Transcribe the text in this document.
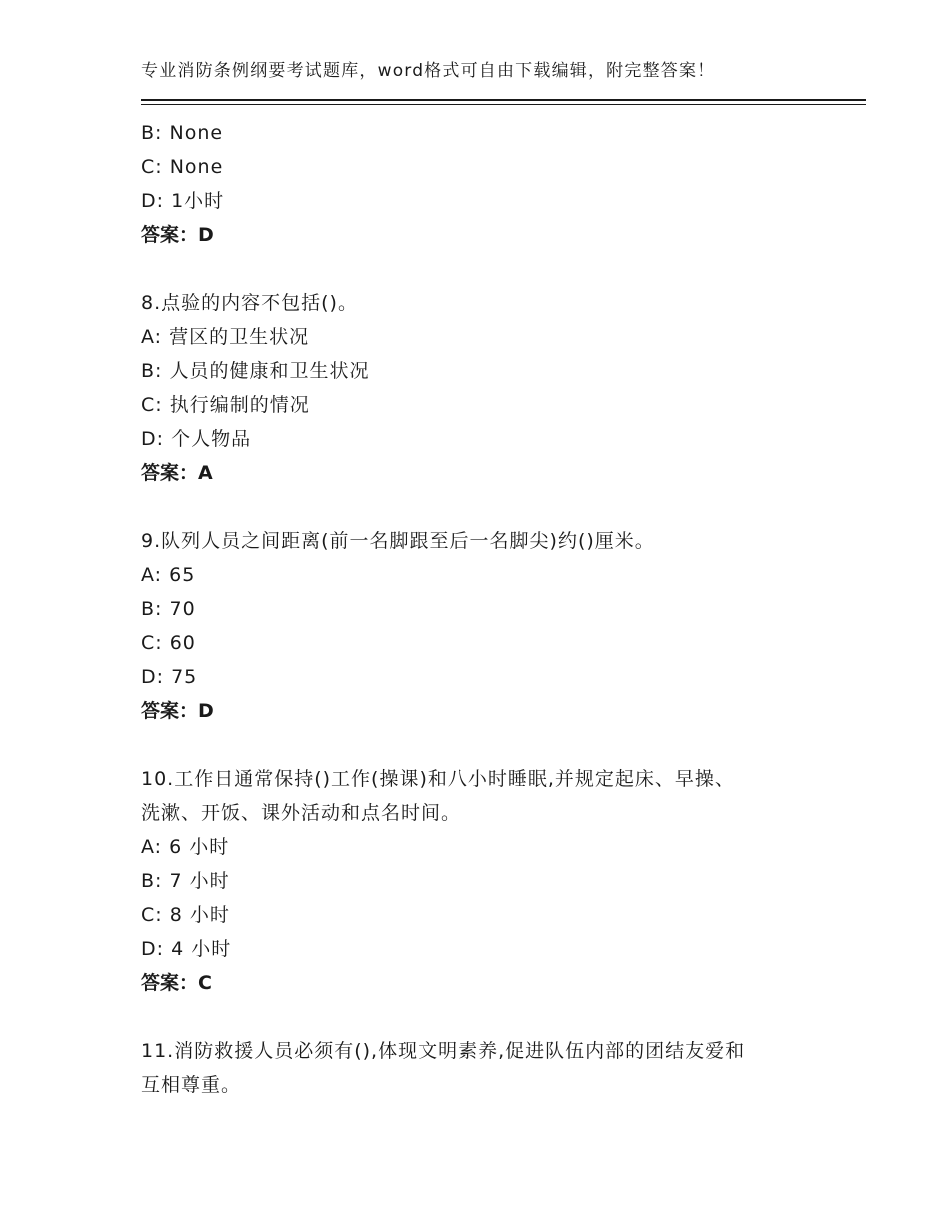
专业消防条例纲要考试题库，word格式可自由下载编辑，附完整答案！
B: None
C: None
D: 1小时
答案：D
8.点验的内容不包括()。
A: 营区的卫生状况
B: 人员的健康和卫生状况
C: 执行编制的情况
D: 个人物品
答案：A
9.队列人员之间距离(前一名脚跟至后一名脚尖)约()厘米。
A: 65
B: 70
C: 60
D: 75
答案：D
10.工作日通常保持()工作(操课)和八小时睡眠,并规定起床、早操、
洗漱、开饭、课外活动和点名时间。
A: 6 小时
B: 7 小时
C: 8 小时
D: 4 小时
答案：C
11.消防救援人员必须有(),体现文明素养,促进队伍内部的团结友爱和
互相尊重。
